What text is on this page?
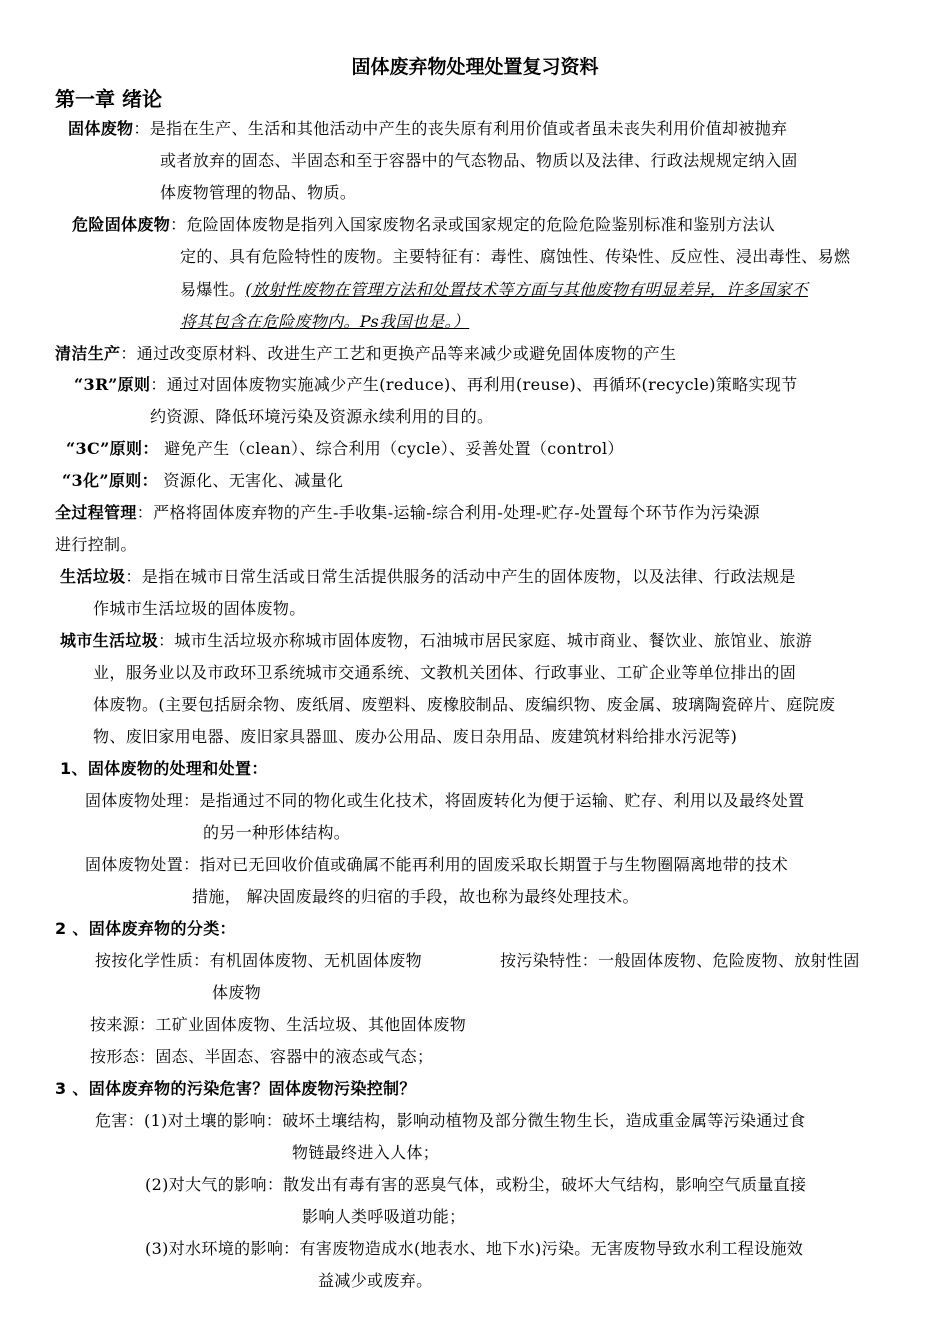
固体废弃物处理处置复习资料
第一章 绪论
固体废物：是指在生产、生活和其他活动中产生的丧失原有利用价值或者虽未丧失利用价值却被抛弃
或者放弃的固态、半固态和至于容器中的气态物品、物质以及法律、行政法规规定纳入固
体废物管理的物品、物质。
危险固体废物：危险固体废物是指列入国家废物名录或国家规定的危险危险鉴别标准和鉴别方法认
定的、具有危险特性的废物。主要特征有：毒性、腐蚀性、传染性、反应性、浸出毒性、易燃
易爆性。(放射性废物在管理方法和处置技术等方面与其他废物有明显差异，许多国家不
将其包含在危险废物内。Ps我国也是。）
清洁生产：通过改变原材料、改进生产工艺和更换产品等来减少或避免固体废物的产生
“3R”原则：通过对固体废物实施减少产生(reduce)、再利用(reuse)、再循环(recycle)策略实现节
约资源、降低环境污染及资源永续利用的目的。
“3C”原则： 避免产生（clean）、综合利用（cycle）、妥善处置（control）
“3化”原则： 资源化、无害化、减量化
全过程管理：严格将固体废弃物的产生-手收集-运输-综合利用-处理-贮存-处置每个环节作为污染源
进行控制。
生活垃圾：是指在城市日常生活或日常生活提供服务的活动中产生的固体废物，以及法律、行政法规是
作城市生活垃圾的固体废物。
城市生活垃圾：城市生活垃圾亦称城市固体废物，石油城市居民家庭、城市商业、餐饮业、旅馆业、旅游
业，服务业以及市政环卫系统城市交通系统、文教机关团体、行政事业、工矿企业等单位排出的固
体废物。(主要包括厨余物、废纸屑、废塑料、废橡胶制品、废编织物、废金属、玻璃陶瓷碎片、庭院废
物、废旧家用电器、废旧家具器皿、废办公用品、废日杂用品、废建筑材料给排水污泥等)
1、固体废物的处理和处置：
固体废物处理：是指通过不同的物化或生化技术，将固废转化为便于运输、贮存、利用以及最终处置
的另一种形体结构。
固体废物处置：指对已无回收价值或确属不能再利用的固废采取长期置于与生物圈隔离地带的技术
措施， 解决固废最终的归宿的手段，故也称为最终处理技术。
2 、固体废弃物的分类：
按按化学性质：有机固体废物、无机固体废物	按污染特性：一般固体废物、危险废物、放射性固
体废物
按来源：工矿业固体废物、生活垃圾、其他固体废物
按形态：固态、半固态、容器中的液态或气态；
3 、固体废弃物的污染危害？固体废物污染控制？
危害：(1)对土壤的影响：破坏土壤结构，影响动植物及部分微生物生长，造成重金属等污染通过食
物链最终进入人体；
(2)对大气的影响：散发出有毒有害的恶臭气体，或粉尘，破坏大气结构，影响空气质量直接
影响人类呼吸道功能；
(3)对水环境的影响：有害废物造成水(地表水、地下水)污染。无害废物导致水利工程设施效
益减少或废弃。
